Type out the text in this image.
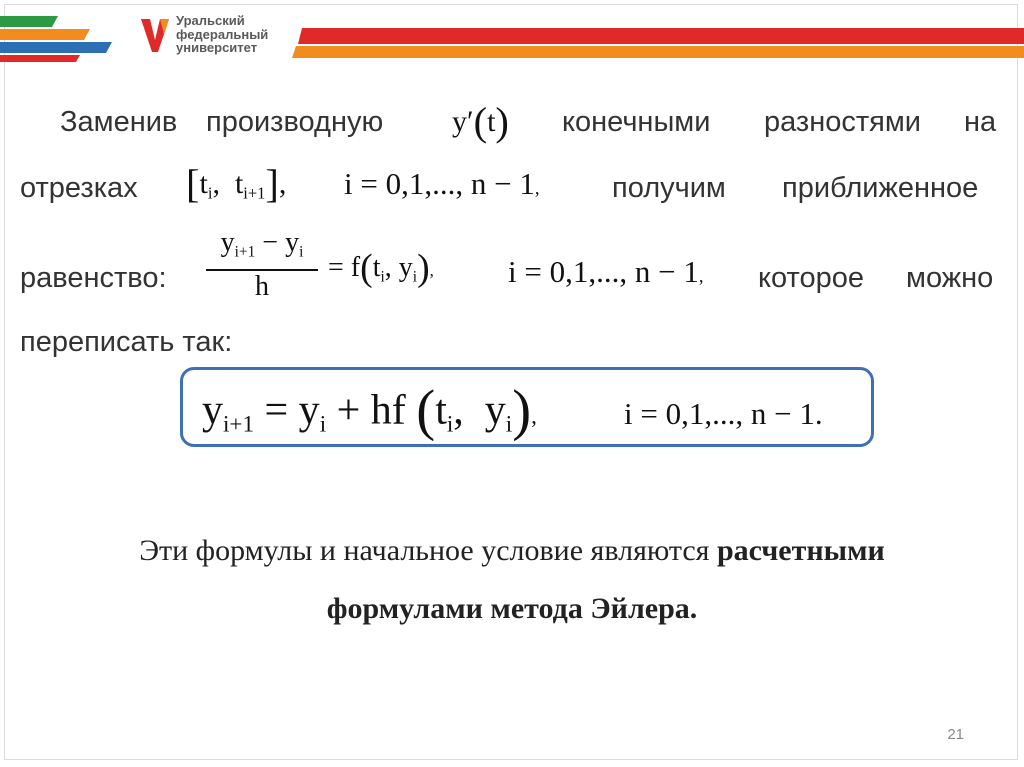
Уральский
федеральный
университет
Заменив производную y′(t) конечными разностями на
отрезках [$t_i$, $t_{i+1}$], i = 0,1,..., n − 1,	получим приближенное
равенство: $\frac{y_{i+1} - y_i}{h} = f(t_i$, $y_i$), i = 0,1,..., n − 1, которое можно
переписать так:
$y_{i+1} = y_i$ + hf ($t_i$, $y_i$),	i = 0,1,..., n − 1.
Эти формулы и начальное условие являются расчетными
формулами метода Эйлера.
21
